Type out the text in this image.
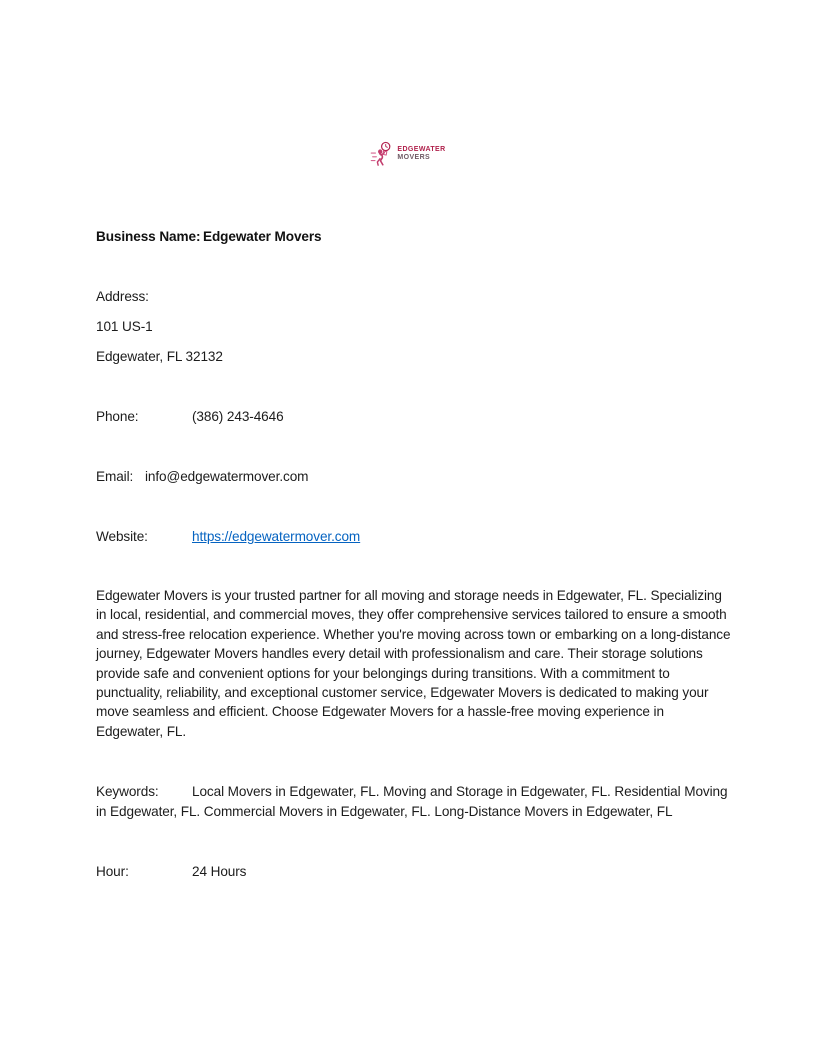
EDGEWATER
MOVERS

Business Name: Edgewater Movers

Address:
101 US-1
Edgewater, FL 32132

Phone:	(386) 243-4646

Email: info@edgewatermover.com

Website:	https://edgewatermover.com

Edgewater Movers is your trusted partner for all moving and storage needs in Edgewater, FL. Specializing in local, residential, and commercial moves, they offer comprehensive services tailored to ensure a smooth and stress-free relocation experience. Whether you're moving across town or embarking on a long-distance journey, Edgewater Movers handles every detail with professionalism and care. Their storage solutions provide safe and convenient options for your belongings during transitions. With a commitment to punctuality, reliability, and exceptional customer service, Edgewater Movers is dedicated to making your move seamless and efficient. Choose Edgewater Movers for a hassle-free moving experience in Edgewater, FL.

Keywords: Local Movers in Edgewater, FL. Moving and Storage in Edgewater, FL. Residential Moving in Edgewater, FL. Commercial Movers in Edgewater, FL. Long-Distance Movers in Edgewater, FL

Hour:	24 Hours
